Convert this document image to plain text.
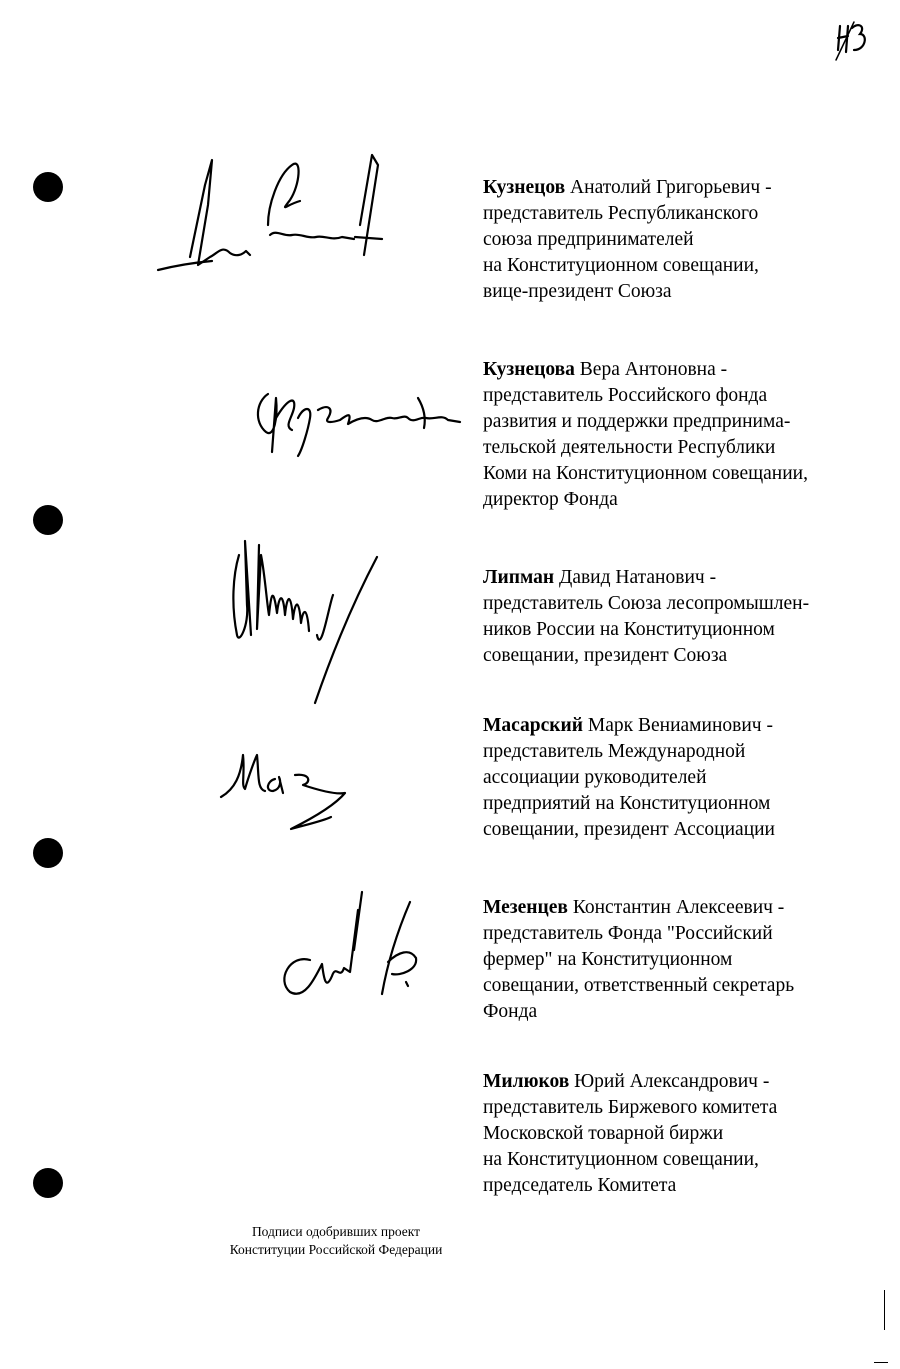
Кузнецов Анатолий Григорьевич -

представитель Республиканского

союза предпринимателей

на Конституционном совещании,

вице-президент Союза

Кузнецова Вера Антоновна -

представитель Российского фонда

развития и поддержки предпринима-

тельской деятельности Республики

Коми на Конституционном совещании,

директор Фонда

Липман Давид Натанович -

представитель Союза лесопромышлен-

ников России на Конституционном

совещании, президент Союза

Масарский Марк Вениаминович -

представитель Международной

ассоциации руководителей

предприятий на Конституционном

совещании, президент Ассоциации

Мезенцев Константин Алексеевич -

представитель Фонда "Российский

фермер" на Конституционном

совещании, ответственный секретарь

Фонда

Милюков Юрий Александрович -

представитель Биржевого комитета

Московской товарной биржи

на Конституционном совещании,

председатель Комитета

Подписи одобривших проект

Конституции Российской Федерации
